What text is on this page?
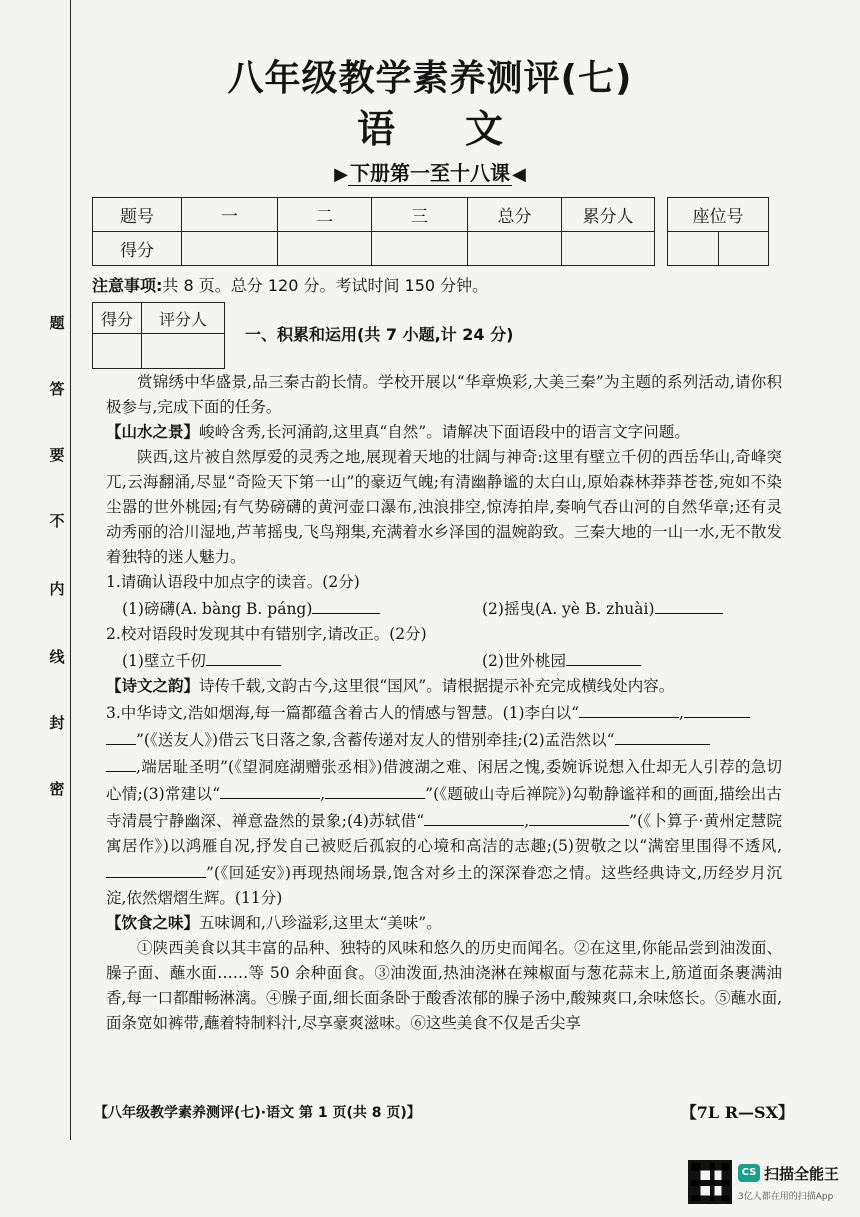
题
答
要
不
内
线
封
密
八年级教学素养测评(七)
语文
▶ 下册第一至十八课 ◀
题号	一	二	三	总分	累分人
得分					
座位号

注意事项:共 8 页。总分 120 分。考试时间 150 分钟。
得分	评分人

一、积累和运用(共 7 小题,计 24 分)

赏锦绣中华盛景,品三秦古韵长情。学校开展以“华章焕彩,大美三秦”为主题的系列活动,请你积极参与,完成下面的任务。

【山水之景】峻岭含秀,长河涌韵,这里真“自然”。请解决下面语段中的语言文字问题。

陕西,这片被自然厚爱的灵秀之地,展现着天地的壮阔与神奇:这里有壁立千仞的西岳华山,奇峰突兀,云海翻涌,尽显“奇险天下第一山”的豪迈气魄;有清幽静谧的太白山,原始森林莽莽苍苍,宛如不染尘嚣的世外桃园;有气势磅礴的黄河壶口瀑布,浊浪排空,惊涛拍岸,奏响气吞山河的自然华章;还有灵动秀丽的洽川湿地,芦苇摇曳,飞鸟翔集,充满着水乡泽国的温婉韵致。三秦大地的一山一水,无不散发着独特的迷人魅力。

1.请确认语段中加点字的读音。(2分)

(1)磅礴(A. bàng B. páng)	(2)摇曳(A. yè B. zhuài)

2.校对语段时发现其中有错别字,请改正。(2分)

(1)壁立千仞	(2)世外桃园

【诗文之韵】诗传千载,文韵古今,这里很“国风”。请根据提示补充完成横线处内容。

3.中华诗文,浩如烟海,每一篇都蕴含着古人的情感与智慧。(1)李白以“	,
”(《送友人》)借云飞日落之象,含蓄传递对友人的惜别牵挂;(2)孟浩然以“
,端居耻圣明”(《望洞庭湖赠张丞相》)借渡湖之难、闲居之愧,委婉诉说想入仕却无人引荐的急切心情;(3)常建以“	,	”(《题破山寺后禅院》)勾勒静谧祥和的画面,描绘出古寺清晨宁静幽深、禅意盎然的景象;(4)苏轼借“	,	”(《卜算子·黄州定慧院寓居作》)以鸿雁自况,抒发自己被贬后孤寂的心境和高洁的志趣;(5)贺敬之以“满窑里围得不透风,”(《回延安》)再现热闹场景,饱含对乡土的深深眷恋之情。这些经典诗文,历经岁月沉淀,依然熠熠生辉。(11分)

【饮食之味】五味调和,八珍溢彩,这里太“美味”。

①陕西美食以其丰富的品种、独特的风味和悠久的历史而闻名。②在这里,你能品尝到油泼面、臊子面、蘸水面……等 50 余种面食。③油泼面,热油浇淋在辣椒面与葱花蒜末上,筋道面条裹满油香,每一口都酣畅淋漓。④臊子面,细长面条卧于酸香浓郁的臊子汤中,酸辣爽口,余味悠长。⑤蘸水面,面条宽如裤带,蘸着特制料汁,尽享豪爽滋味。⑥这些美食不仅是舌尖享

【八年级教学素养测评(七)·语文 第 1 页(共 8 页)】	【7L R—SX】
CS 扫描全能王
3亿人都在用的扫描App
